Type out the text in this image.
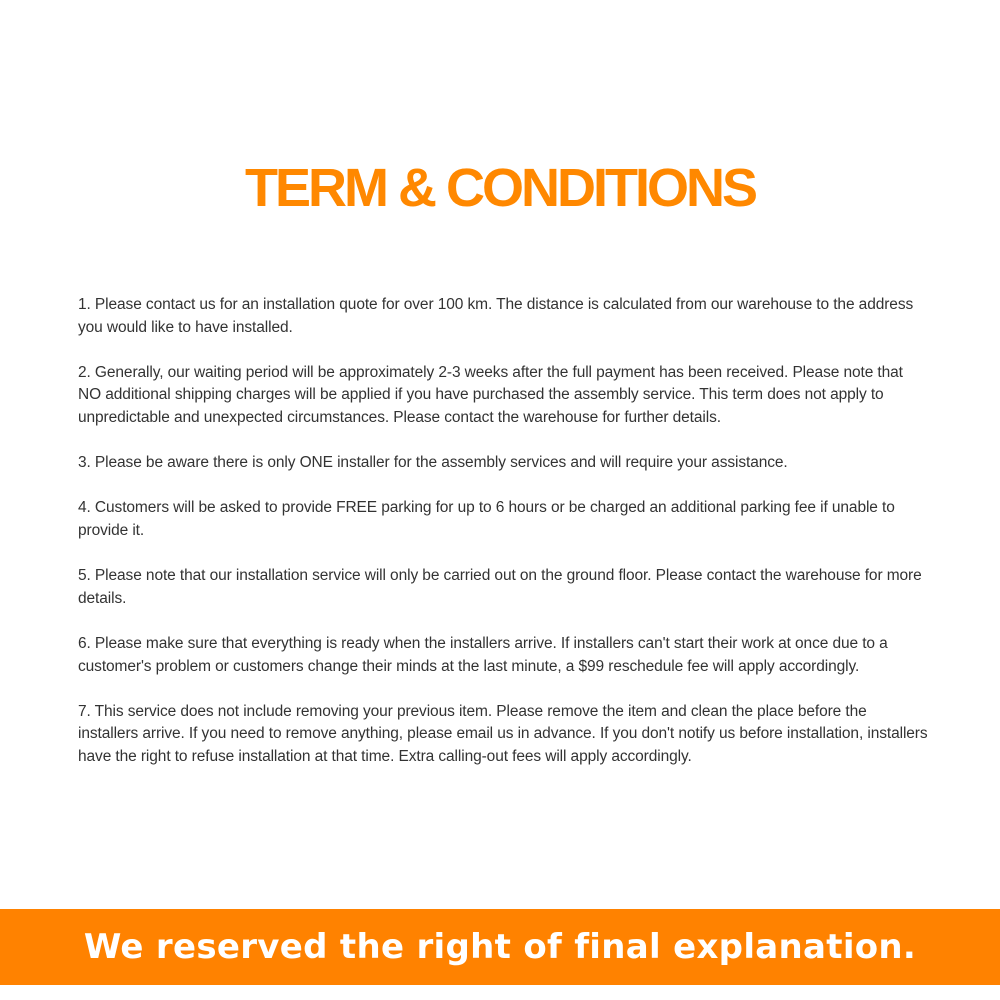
TERM & CONDITIONS
1. Please contact us for an installation quote for over 100 km. The distance is calculated from our warehouse to the address you would like to have installed.
2. Generally, our waiting period will be approximately 2-3 weeks after the full payment has been received. Please note that NO additional shipping charges will be applied if you have purchased the assembly service. This term does not apply to unpredictable and unexpected circumstances. Please contact the warehouse for further details.
3. Please be aware there is only ONE installer for the assembly services and will require your assistance.
4. Customers will be asked to provide FREE parking for up to 6 hours or be charged an additional parking fee if unable to provide it.
5. Please note that our installation service will only be carried out on the ground floor. Please contact the warehouse for more details.
6. Please make sure that everything is ready when the installers arrive. If installers can't start their work at once due to a customer's problem or customers change their minds at the last minute, a $99 reschedule fee will apply accordingly.
7. This service does not include removing your previous item. Please remove the item and clean the place before the installers arrive. If you need to remove anything, please email us in advance. If you don't notify us before installation, installers have the right to refuse installation at that time. Extra calling-out fees will apply accordingly.
We reserved the right of final explanation.
